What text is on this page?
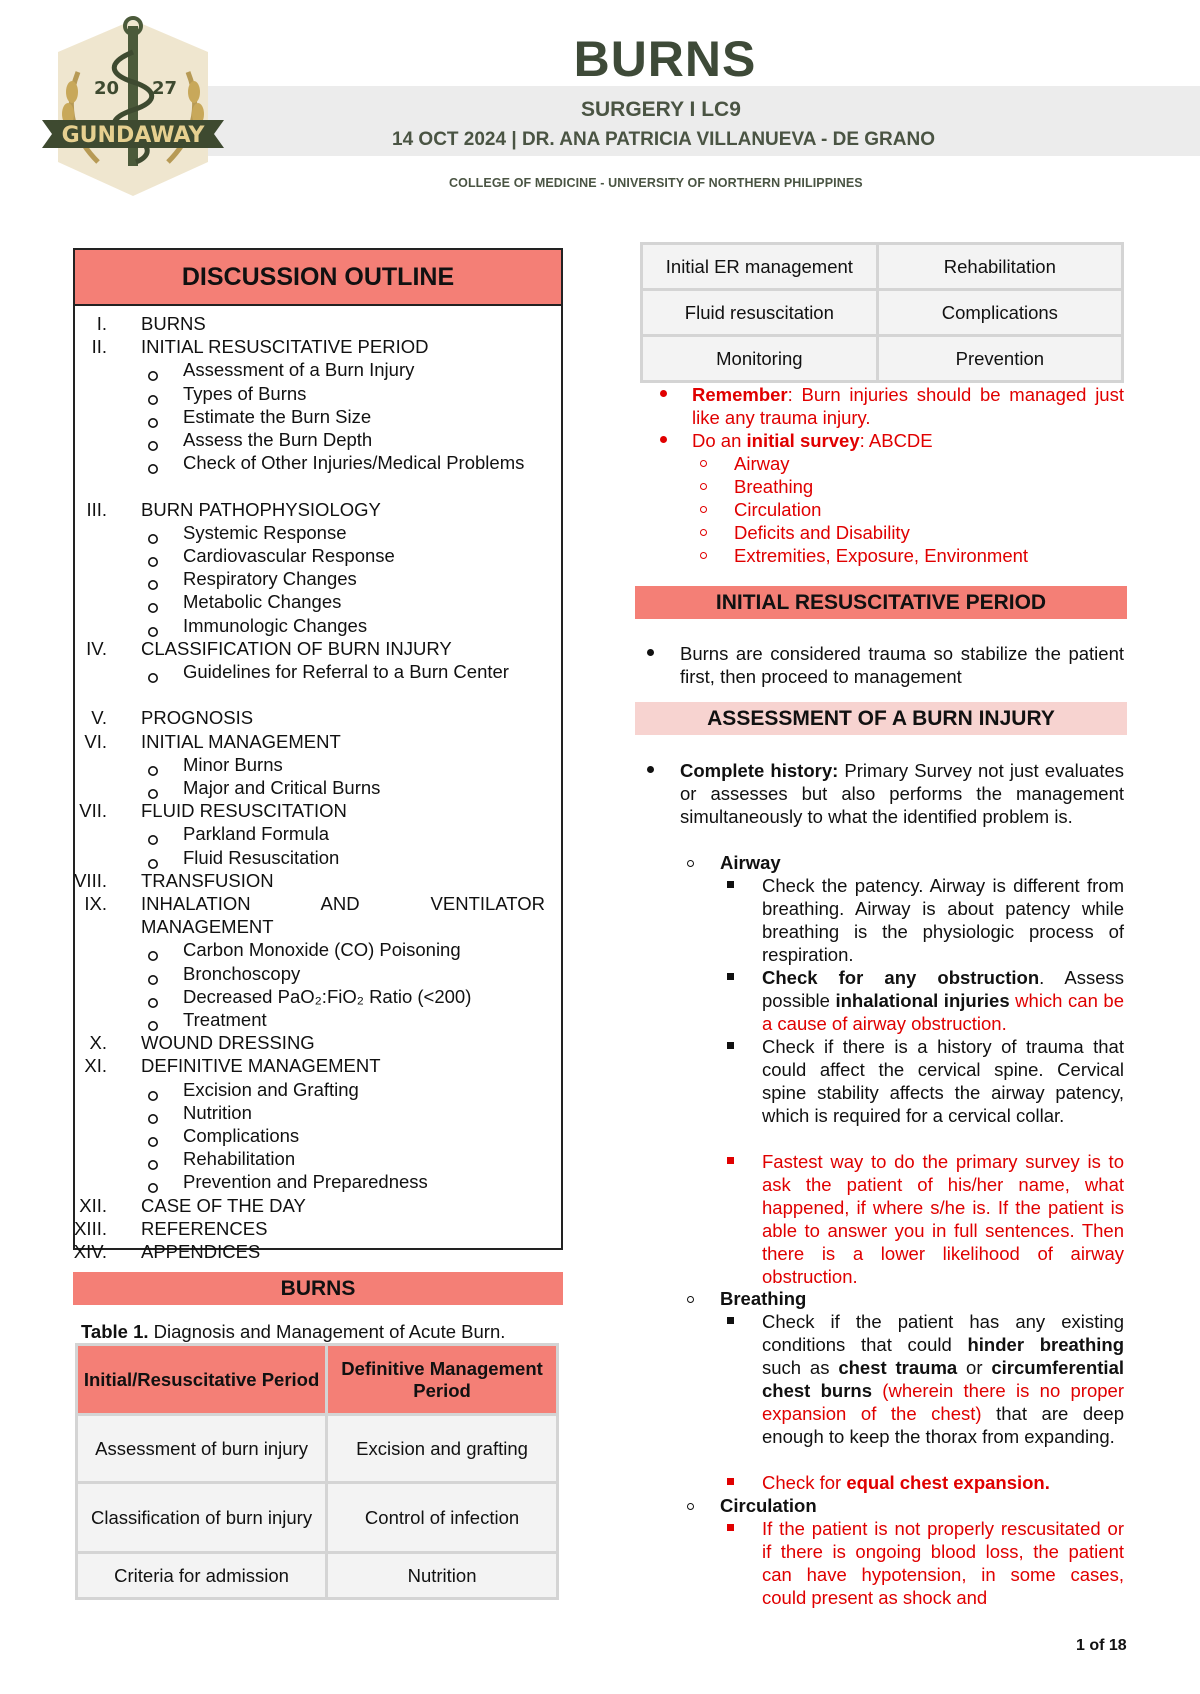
20 27
GUNDAWAY
BURNS
SURGERY I LC9
14 OCT 2024 | DR. ANA PATRICIA VILLANUEVA - DE GRANO
COLLEGE OF MEDICINE - UNIVERSITY OF NORTHERN PHILIPPINES
DISCUSSION OUTLINE
I. BURNS
II. INITIAL RESUSCITATIVE PERIOD
Assessment of a Burn Injury
Types of Burns
Estimate the Burn Size
Assess the Burn Depth
Check of Other Injuries/Medical Problems
III. BURN PATHOPHYSIOLOGY
Systemic Response
Cardiovascular Response
Respiratory Changes
Metabolic Changes
Immunologic Changes
IV. CLASSIFICATION OF BURN INJURY
Guidelines for Referral to a Burn Center
V. PROGNOSIS
VI. INITIAL MANAGEMENT
Minor Burns
Major and Critical Burns
VII. FLUID RESUSCITATION
Parkland Formula
Fluid Resuscitation
VIII. TRANSFUSION
IX. INHALATION AND VENTILATOR MANAGEMENT
Carbon Monoxide (CO) Poisoning
Bronchoscopy
Decreased PaO₂:FiO₂ Ratio (<200)
Treatment
X. WOUND DRESSING
XI. DEFINITIVE MANAGEMENT
Excision and Grafting
Nutrition
Complications
Rehabilitation
Prevention and Preparedness
XII. CASE OF THE DAY
XIII. REFERENCES
XIV. APPENDICES
BURNS
Table 1. Diagnosis and Management of Acute Burn.
Initial/Resuscitative Period	Definitive Management Period
Assessment of burn injury	Excision and grafting
Classification of burn injury	Control of infection
Criteria for admission	Nutrition
Initial ER management	Rehabilitation
Fluid resuscitation	Complications
Monitoring	Prevention
Remember: Burn injuries should be managed just like any trauma injury.
Do an initial survey: ABCDE
Airway
Breathing
Circulation
Deficits and Disability
Extremities, Exposure, Environment
INITIAL RESUSCITATIVE PERIOD
Burns are considered trauma so stabilize the patient first, then proceed to management
ASSESSMENT OF A BURN INJURY
Complete history: Primary Survey not just evaluates or assesses but also performs the management simultaneously to what the identified problem is.
Airway
Check the patency. Airway is different from breathing. Airway is about patency while breathing is the physiologic process of respiration.
Check for any obstruction. Assess possible inhalational injuries which can be a cause of airway obstruction.
Check if there is a history of trauma that could affect the cervical spine. Cervical spine stability affects the airway patency, which is required for a cervical collar.
Fastest way to do the primary survey is to ask the patient of his/her name, what happened, if where s/he is. If the patient is able to answer you in full sentences. Then there is a lower likelihood of airway obstruction.
Breathing
Check if the patient has any existing conditions that could hinder breathing such as chest trauma or circumferential chest burns (wherein there is no proper expansion of the chest) that are deep enough to keep the thorax from expanding.
Check for equal chest expansion.
Circulation
If the patient is not properly rescusitated or if there is ongoing blood loss, the patient can have hypotension, in some cases, could present as shock and
1 of 18
